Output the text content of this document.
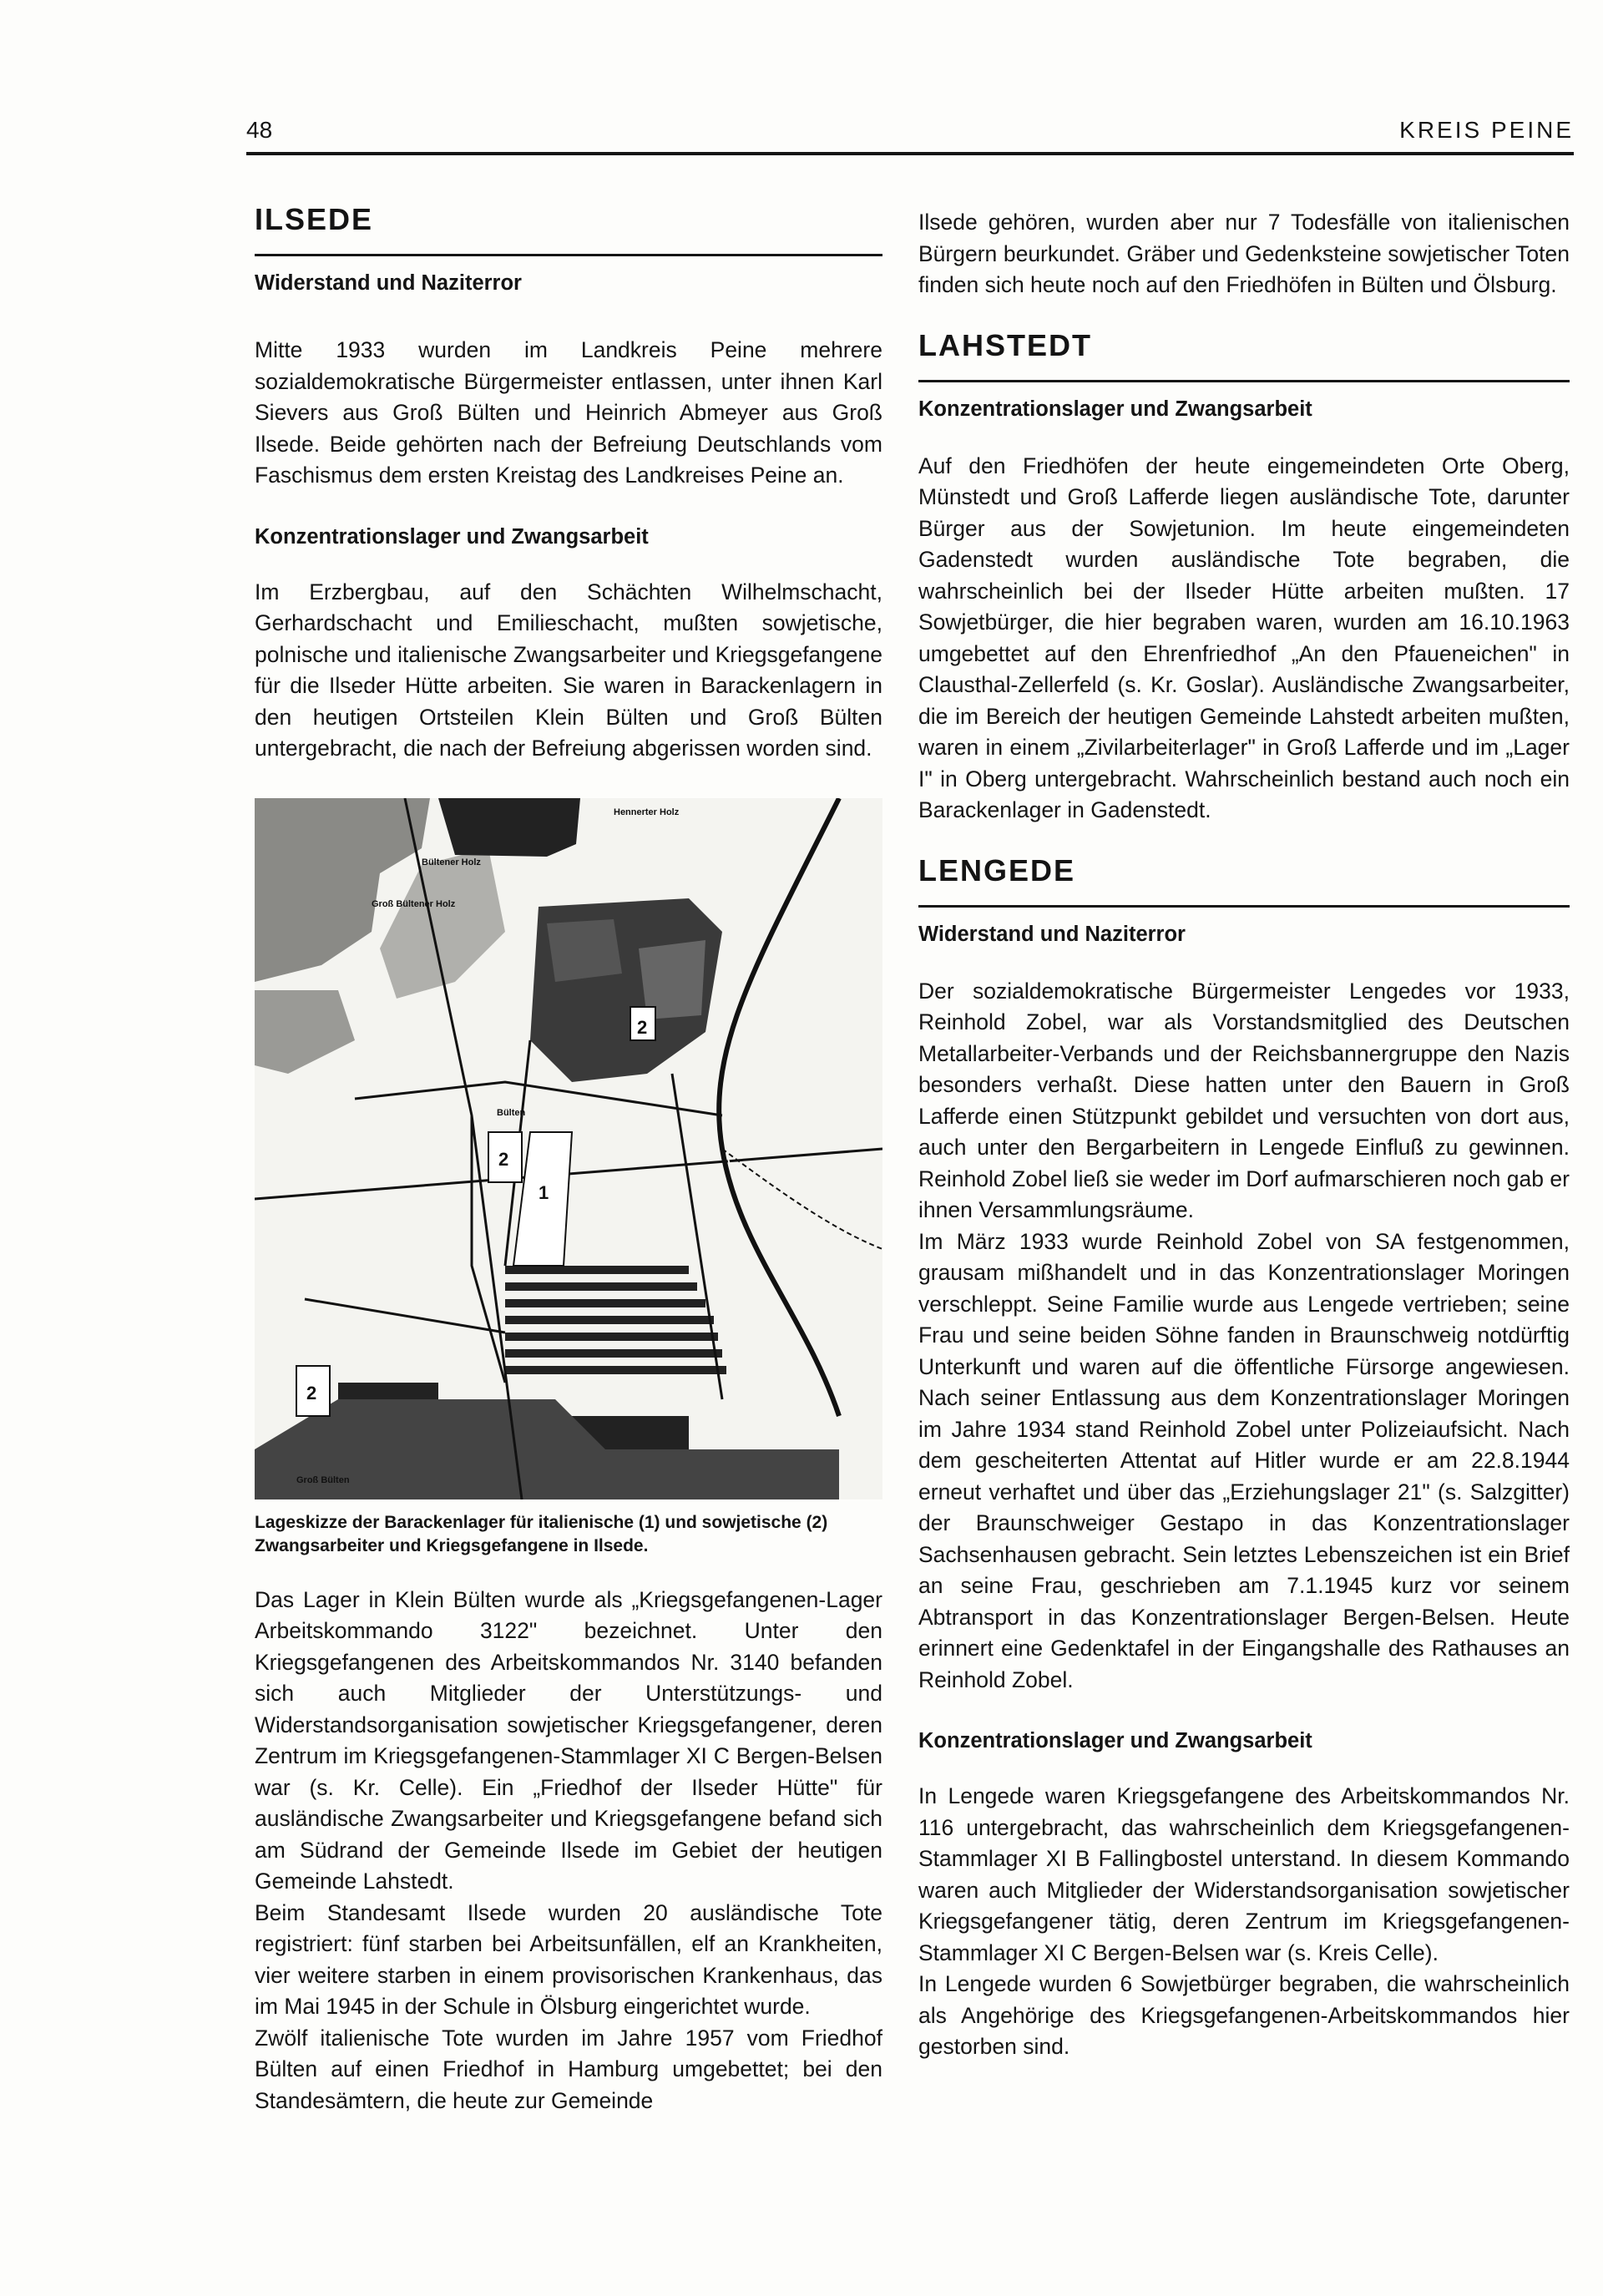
48	KREIS PEINE
ILSEDE
Widerstand und Naziterror

Mitte 1933 wurden im Landkreis Peine mehrere sozialdemokratische Bürgermeister entlassen, unter ihnen Karl Sievers aus Groß Bülten und Heinrich Abmeyer aus Groß Ilsede. Beide gehörten nach der Befreiung Deutschlands vom Faschismus dem ersten Kreistag des Landkreises Peine an.

Konzentrationslager und Zwangsarbeit

Im Erzbergbau, auf den Schächten Wilhelmschacht, Gerhardschacht und Emilieschacht, mußten sowjetische, polnische und italienische Zwangsarbeiter und Kriegsgefangene für die Ilseder Hütte arbeiten. Sie waren in Barackenlagern in den heutigen Ortsteilen Klein Bülten und Groß Bülten untergebracht, die nach der Befreiung abgerissen worden sind.

2
2
2
1
Hennerter Holz
Bültener Holz
Groß Bültener Holz
Bülten
Groß Bülten
Lageskizze der Barackenlager für italienische (1) und sowjetische (2) Zwangsarbeiter und Kriegsgefangene in Ilsede.

Das Lager in Klein Bülten wurde als „Kriegsgefangenen-Lager Arbeitskommando 3122" bezeichnet. Unter den Kriegsgefangenen des Arbeitskommandos Nr. 3140 befanden sich auch Mitglieder der Unterstützungs- und Widerstandsorganisation sowjetischer Kriegsgefangener, deren Zentrum im Kriegsgefangenen-Stammlager XI C Bergen-Belsen war (s. Kr. Celle). Ein „Friedhof der Ilseder Hütte" für ausländische Zwangsarbeiter und Kriegsgefangene befand sich am Südrand der Gemeinde Ilsede im Gebiet der heutigen Gemeinde Lahstedt.

Beim Standesamt Ilsede wurden 20 ausländische Tote registriert: fünf starben bei Arbeitsunfällen, elf an Krankheiten, vier weitere starben in einem provisorischen Krankenhaus, das im Mai 1945 in der Schule in Ölsburg eingerichtet wurde.

Zwölf italienische Tote wurden im Jahre 1957 vom Friedhof Bülten auf einen Friedhof in Hamburg umgebettet; bei den Standesämtern, die heute zur Gemeinde

Ilsede gehören, wurden aber nur 7 Todesfälle von italienischen Bürgern beurkundet. Gräber und Gedenksteine sowjetischer Toten finden sich heute noch auf den Friedhöfen in Bülten und Ölsburg.

LAHSTEDT
Konzentrationslager und Zwangsarbeit

Auf den Friedhöfen der heute eingemeindeten Orte Oberg, Münstedt und Groß Lafferde liegen ausländische Tote, darunter Bürger aus der Sowjetunion. Im heute eingemeindeten Gadenstedt wurden ausländische Tote begraben, die wahrscheinlich bei der Ilseder Hütte arbeiten mußten. 17 Sowjetbürger, die hier begraben waren, wurden am 16.10.1963 umgebettet auf den Ehrenfriedhof „An den Pfaueneichen" in Clausthal-Zellerfeld (s. Kr. Goslar). Ausländische Zwangsarbeiter, die im Bereich der heutigen Gemeinde Lahstedt arbeiten mußten, waren in einem „Zivilarbeiterlager" in Groß Lafferde und im „Lager I" in Oberg untergebracht. Wahrscheinlich bestand auch noch ein Barackenlager in Gadenstedt.

LENGEDE
Widerstand und Naziterror

Der sozialdemokratische Bürgermeister Lengedes vor 1933, Reinhold Zobel, war als Vorstandsmitglied des Deutschen Metallarbeiter-Verbands und der Reichsbannergruppe den Nazis besonders verhaßt. Diese hatten unter den Bauern in Groß Lafferde einen Stützpunkt gebildet und versuchten von dort aus, auch unter den Bergarbeitern in Lengede Einfluß zu gewinnen. Reinhold Zobel ließ sie weder im Dorf aufmarschieren noch gab er ihnen Versammlungsräume.

Im März 1933 wurde Reinhold Zobel von SA festgenommen, grausam mißhandelt und in das Konzentrationslager Moringen verschleppt. Seine Familie wurde aus Lengede vertrieben; seine Frau und seine beiden Söhne fanden in Braunschweig notdürftig Unterkunft und waren auf die öffentliche Fürsorge angewiesen. Nach seiner Entlassung aus dem Konzentrationslager Moringen im Jahre 1934 stand Reinhold Zobel unter Polizeiaufsicht. Nach dem gescheiterten Attentat auf Hitler wurde er am 22.8.1944 erneut verhaftet und über das „Erziehungslager 21" (s. Salzgitter) der Braunschweiger Gestapo in das Konzentrationslager Sachsenhausen gebracht. Sein letztes Lebenszeichen ist ein Brief an seine Frau, geschrieben am 7.1.1945 kurz vor seinem Abtransport in das Konzentrationslager Bergen-Belsen. Heute erinnert eine Gedenktafel in der Eingangshalle des Rathauses an Reinhold Zobel.

Konzentrationslager und Zwangsarbeit

In Lengede waren Kriegsgefangene des Arbeitskommandos Nr. 116 untergebracht, das wahrscheinlich dem Kriegsgefangenen-Stammlager XI B Fallingbostel unterstand. In diesem Kommando waren auch Mitglieder der Widerstandsorganisation sowjetischer Kriegsgefangener tätig, deren Zentrum im Kriegsgefangenen-Stammlager XI C Bergen-Belsen war (s. Kreis Celle).

In Lengede wurden 6 Sowjetbürger begraben, die wahrscheinlich als Angehörige des Kriegsgefangenen-Arbeitskommandos hier gestorben sind.
